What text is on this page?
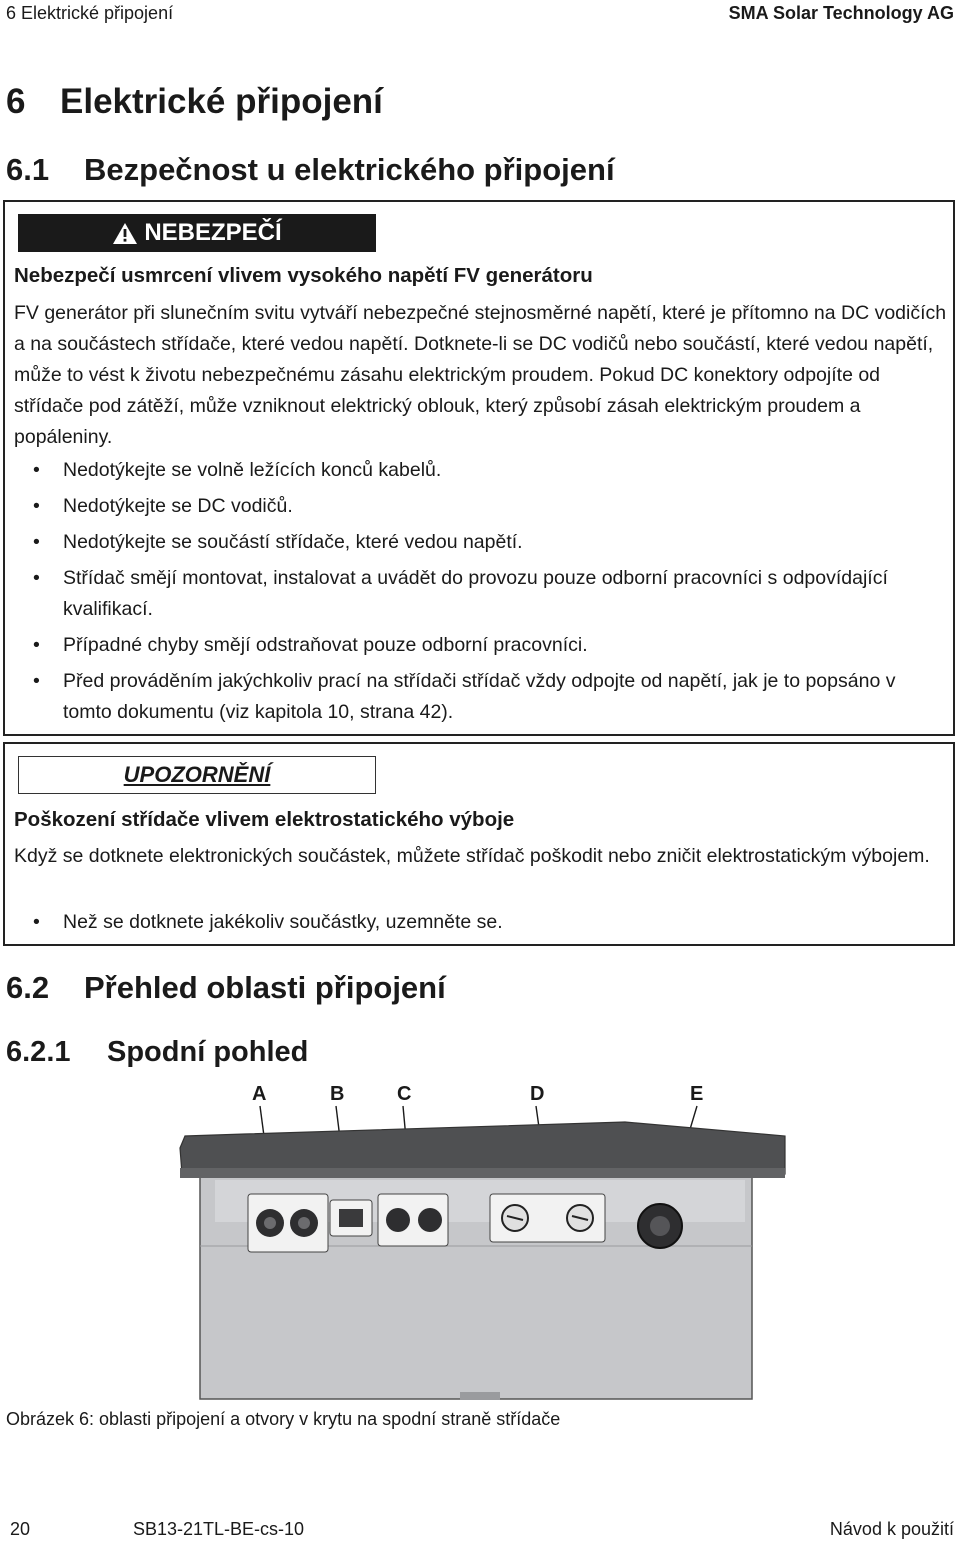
6 Elektrické připojení	SMA Solar Technology AG
6 Elektrické připojení
6.1 Bezpečnost u elektrického připojení
NEBEZPEČÍ
Nebezpečí usmrcení vlivem vysokého napětí FV generátoru

FV generátor při slunečním svitu vytváří nebezpečné stejnosměrné napětí, které je přítomno na DC vodičích a na součástech střídače, které vedou napětí. Dotknete-li se DC vodičů nebo součástí, které vedou napětí, může to vést k životu nebezpečnému zásahu elektrickým proudem. Pokud DC konektory odpojíte od střídače pod zátěží, může vzniknout elektrický oblouk, který způsobí zásah elektrickým proudem a popáleniny.

• Nedotýkejte se volně ležících konců kabelů.
• Nedotýkejte se DC vodičů.
• Nedotýkejte se součástí střídače, které vedou napětí.
• Střídač smějí montovat, instalovat a uvádět do provozu pouze odborní pracovníci s odpovídající kvalifikací.
• Případné chyby smějí odstraňovat pouze odborní pracovníci.
• Před prováděním jakýchkoliv prací na střídači střídač vždy odpojte od napětí, jak je to popsáno v tomto dokumentu (viz kapitola 10, strana 42).
UPOZORNĚNÍ
Poškození střídače vlivem elektrostatického výboje

Když se dotknete elektronických součástek, můžete střídač poškodit nebo zničit elektrostatickým výbojem.

• Než se dotknete jakékoliv součástky, uzemněte se.
6.2 Přehled oblasti připojení
6.2.1 Spodní pohled
A	B	C	D	E
Obrázek 6: oblasti připojení a otvory v krytu na spodní straně střídače
20	SB13-21TL-BE-cs-10	Návod k použití
